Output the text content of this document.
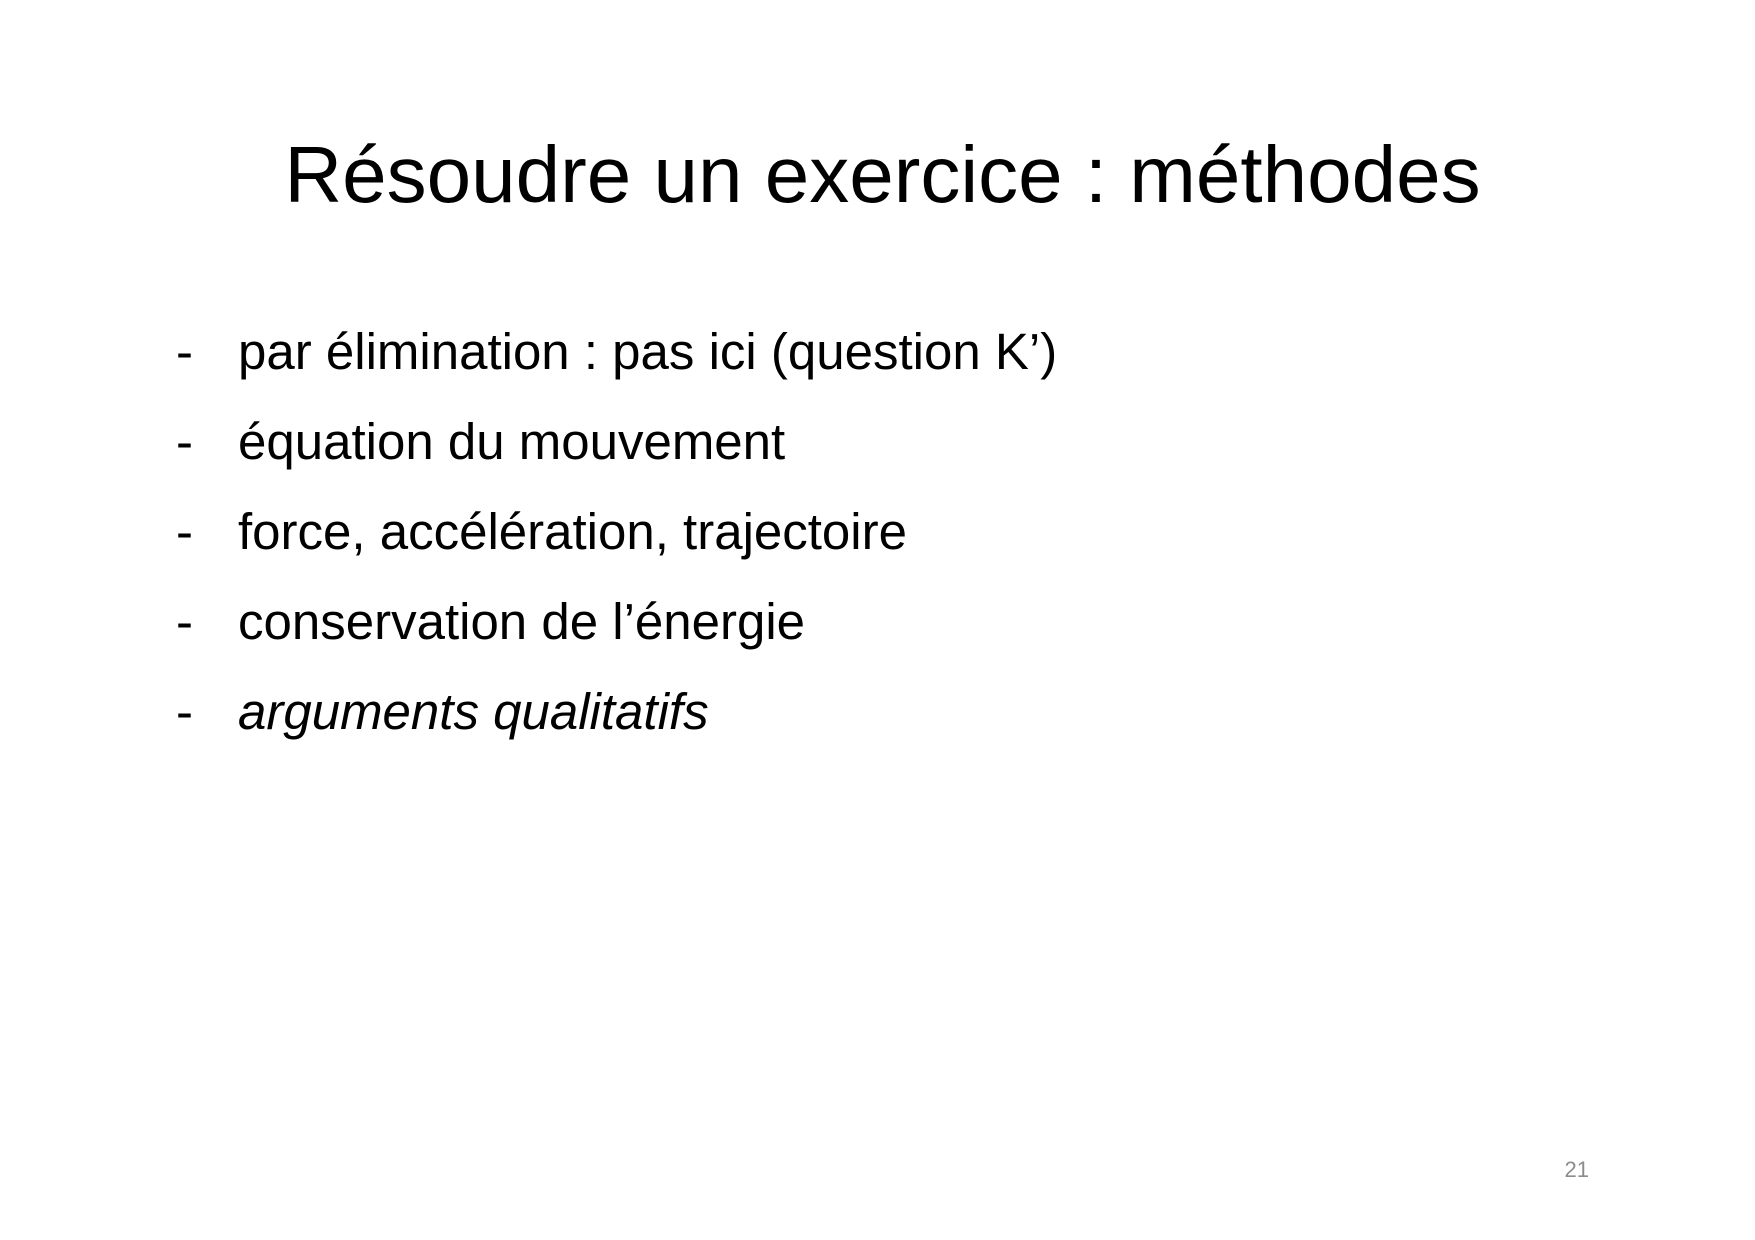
Résoudre un exercice : méthodes
- par élimination : pas ici (question K’)
- équation du mouvement
- force, accélération, trajectoire
- conservation de l’énergie
- arguments qualitatifs
21
